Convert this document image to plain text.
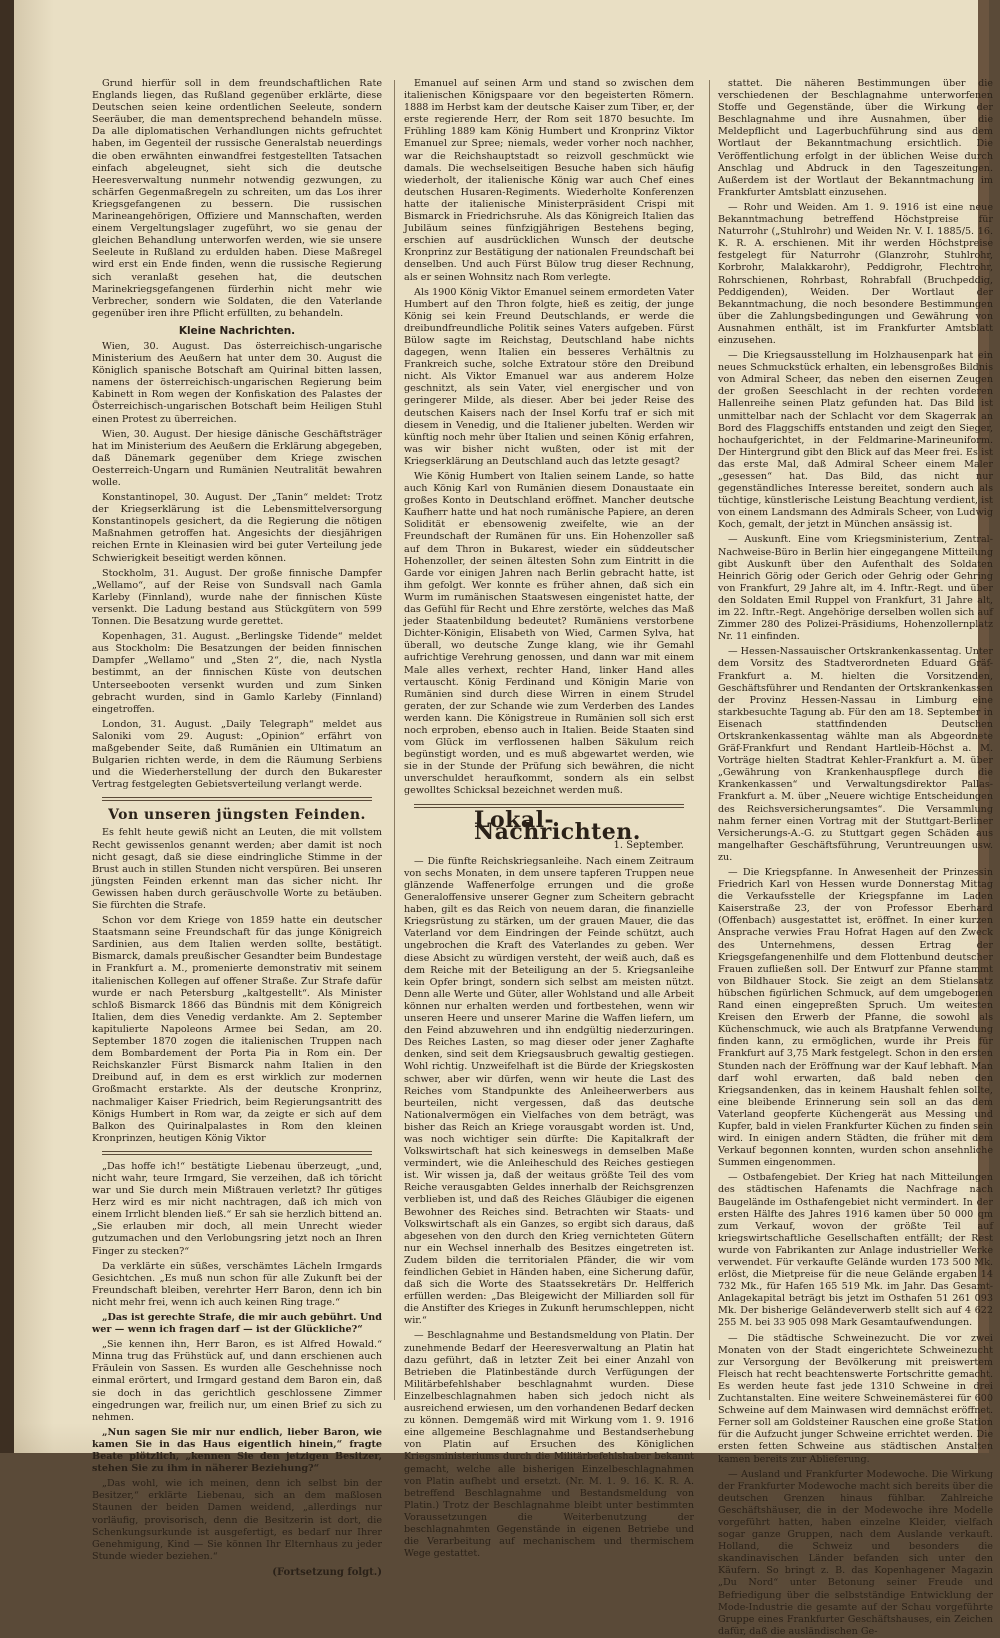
Grund hierfür soll in dem freundschaftlichen Rate Englands liegen, das Rußland gegenüber erklärte, diese Deutschen seien keine ordentlichen Seeleute, sondern Seeräuber, die man dementsprechend behandeln müsse. Da alle diplomatischen Verhandlungen nichts gefruchtet haben, im Gegenteil der russische Generalstab neuerdings die oben erwähnten einwandfrei festgestellten Tatsachen einfach abgeleugnet, sieht sich die deutsche Heeresverwaltung nunmehr notwendig gezwungen, zu schärfen Gegenmaßregeln zu schreiten, um das Los ihrer Kriegsgefangenen zu bessern. Die russischen Marineangehörigen, Offiziere und Mannschaften, werden einem Vergeltungslager zugeführt, wo sie genau der gleichen Behandlung unterworfen werden, wie sie unsere Seeleute in Rußland zu erdulden haben. Diese Maßregel wird erst ein Ende finden, wenn die russische Regierung sich veranlaßt gesehen hat, die deutschen Marinekriegsgefangenen fürderhin nicht mehr wie Verbrecher, sondern wie Soldaten, die den Vaterlande gegenüber iren ihre Pflicht erfüllten, zu behandeln.

Kleine Nachrichten.

Wien, 30. August. Das österreichisch-ungarische Ministerium des Aeußern hat unter dem 30. August die Königlich spanische Botschaft am Quirinal bitten lassen, namens der österreichisch-ungarischen Regierung beim Kabinett in Rom wegen der Konfiskation des Palastes der Österreichisch-ungarischen Botschaft beim Heiligen Stuhl einen Protest zu überreichen.

Wien, 30. August. Der hiesige dänische Geschäftsträger hat im Ministerium des Aeußern die Erklärung abgegeben, daß Dänemark gegenüber dem Kriege zwischen Oesterreich-Ungarn und Rumänien Neutralität bewahren wolle.

Konstantinopel, 30. August. Der „Tanin“ meldet: Trotz der Kriegserklärung ist die Lebensmittelversorgung Konstantinopels gesichert, da die Regierung die nötigen Maßnahmen getroffen hat. Angesichts der diesjährigen reichen Ernte in Kleinasien wird bei guter Verteilung jede Schwierigkeit beseitigt werden können.

Stockholm, 31. August. Der große finnische Dampfer „Wellamo“, auf der Reise von Sundsvall nach Gamla Karleby (Finnland), wurde nahe der finnischen Küste versenkt. Die Ladung bestand aus Stückgütern von 599 Tonnen. Die Besatzung wurde gerettet.

Kopenhagen, 31. August. „Berlingske Tidende“ meldet aus Stockholm: Die Besatzungen der beiden finnischen Dampfer „Wellamo“ und „Sten 2“, die, nach Nystla bestimmt, an der finnischen Küste von deutschen Unterseebooten versenkt wurden und zum Sinken gebracht wurden, sind in Gamlo Karleby (Finnland) eingetroffen.

London, 31. August. „Daily Telegraph“ meldet aus Saloniki vom 29. August: „Opinion“ erfährt von maßgebender Seite, daß Rumänien ein Ultimatum an Bulgarien richten werde, in dem die Räumung Serbiens und die Wiederherstellung der durch den Bukarester Vertrag festgelegten Gebietsverteilung verlangt werde.

Von unseren jüngsten Feinden.

Es fehlt heute gewiß nicht an Leuten, die mit vollstem Recht gewissenlos genannt werden; aber damit ist noch nicht gesagt, daß sie diese eindringliche Stimme in der Brust auch in stillen Stunden nicht verspüren. Bei unseren jüngsten Feinden erkennt man das sicher nicht. Ihr Gewissen haben durch geräuschvolle Worte zu betäuben. Sie fürchten die Strafe.

Schon vor dem Kriege von 1859 hatte ein deutscher Staatsmann seine Freundschaft für das junge Königreich Sardinien, aus dem Italien werden sollte, bestätigt. Bismarck, damals preußischer Gesandter beim Bundestage in Frankfurt a. M., promenierte demonstrativ mit seinem italienischen Kollegen auf offener Straße. Zur Strafe dafür wurde er nach Petersburg „kaltgestellt“. Als Minister schloß Bismarck 1866 das Bündnis mit dem Königreich Italien, dem dies Venedig verdankte. Am 2. September kapitulierte Napoleons Armee bei Sedan, am 20. September 1870 zogen die italienischen Truppen nach dem Bombardement der Porta Pia in Rom ein. Der Reichskanzler Fürst Bismarck nahm Italien in den Dreibund auf, in dem es erst wirklich zur modernen Großmacht erstarkte. Als der deutsche Kronprinz, nachmaliger Kaiser Friedrich, beim Regierungsantritt des Königs Humbert in Rom war, da zeigte er sich auf dem Balkon des Quirinalpalastes in Rom den kleinen Kronprinzen, heutigen König Viktor

„Das hoffe ich!“ bestätigte Liebenau überzeugt, „und, nicht wahr, teure Irmgard, Sie verzeihen, daß ich töricht war und Sie durch mein Mißtrauen verletzt? Ihr gütiges Herz wird es mir nicht nachtragen, daß ich mich von einem Irrlicht blenden ließ.“ Er sah sie herzlich bittend an. „Sie erlauben mir doch, all mein Unrecht wieder gutzumachen und den Verlobungsring jetzt noch an Ihren Finger zu stecken?“

Da verklärte ein süßes, verschämtes Lächeln Irmgards Gesichtchen. „Es muß nun schon für alle Zukunft bei der Freundschaft bleiben, verehrter Herr Baron, denn ich bin nicht mehr frei, wenn ich auch keinen Ring trage.“

„Das ist gerechte Strafe, die mir auch gebührt. Und wer — wenn ich fragen darf — ist der Glückliche?“

„Sie kennen ihn, Herr Baron, es ist Alfred Howald.“ Minna trug das Frühstück auf, und dann erschienen auch Fräulein von Sassen. Es wurden alle Geschehnisse noch einmal erörtert, und Irmgard gestand dem Baron ein, daß sie doch in das gerichtlich geschlossene Zimmer eingedrungen war, freilich nur, um einen Brief zu sich zu nehmen.

„Nun sagen Sie mir nur endlich, lieber Baron, wie kamen Sie in das Haus eigentlich hinein,“ fragte Beate plötzlich, „kennen Sie den jetzigen Besitzer, stehen Sie zu ihm in näherer Beziehung?“

„Das wohl, wie ich meinen, denn ich selbst bin der Besitzer,“ erklärte Liebenau, sich an dem maßlosen Staunen der beiden Damen weidend, „allerdings nur vorläufig, provisorisch, denn die Besitzerin ist dort, die Schenkungsurkunde ist ausgefertigt, es bedarf nur Ihrer Genehmigung, Kind — Sie können Ihr Elternhaus zu jeder Stunde wieder beziehen.“

(Fortsetzung folgt.)

Emanuel auf seinen Arm und stand so zwischen dem italienischen Königspaare vor den begeisterten Römern. 1888 im Herbst kam der deutsche Kaiser zum Tiber, er, der erste regierende Herr, der Rom seit 1870 besuchte. Im Frühling 1889 kam König Humbert und Kronprinz Viktor Emanuel zur Spree; niemals, weder vorher noch nachher, war die Reichshauptstadt so reizvoll geschmückt wie damals. Die wechselseitigen Besuche haben sich häufig wiederholt, der italienische König war auch Chef eines deutschen Husaren-Regiments. Wiederholte Konferenzen hatte der italienische Ministerpräsident Crispi mit Bismarck in Friedrichsruhe. Als das Königreich Italien das Jubiläum seines fünfzigjährigen Bestehens beging, erschien auf ausdrücklichen Wunsch der deutsche Kronprinz zur Bestätigung der nationalen Freundschaft bei denselben. Und auch Fürst Bülow trug dieser Rechnung, als er seinen Wohnsitz nach Rom verlegte.

Als 1900 König Viktor Emanuel seinem ermordeten Vater Humbert auf den Thron folgte, hieß es zeitig, der junge König sei kein Freund Deutschlands, er werde die dreibundfreundliche Politik seines Vaters aufgeben. Fürst Bülow sagte im Reichstag, Deutschland habe nichts dagegen, wenn Italien ein besseres Verhältnis zu Frankreich suche, solche Extratour störe den Dreibund nicht. Als Viktor Emanuel war aus anderem Holze geschnitzt, als sein Vater, viel energischer und von geringerer Milde, als dieser. Aber bei jeder Reise des deutschen Kaisers nach der Insel Korfu traf er sich mit diesem in Venedig, und die Italiener jubelten. Werden wir künftig noch mehr über Italien und seinen König erfahren, was wir bisher nicht wußten, oder ist mit der Kriegserklärung an Deutschland auch das letzte gesagt?

Wie König Humbert von Italien seinem Lande, so hatte auch König Karl von Rumänien diesem Donaustaate ein großes Konto in Deutschland eröffnet. Mancher deutsche Kaufherr hatte und hat noch rumänische Papiere, an deren Solidität er ebensowenig zweifelte, wie an der Freundschaft der Rumänen für uns. Ein Hohenzoller saß auf dem Thron in Bukarest, wieder ein süddeutscher Hohenzoller, der seinen ältesten Sohn zum Eintritt in die Garde vor einigen Jahren nach Berlin gebracht hatte, ist ihm gefolgt. Wer konnte es früher ahnen, daß sich ein Wurm im rumänischen Staatswesen eingenistet hatte, der das Gefühl für Recht und Ehre zerstörte, welches das Maß jeder Staatenbildung bedeutet? Rumäniens verstorbene Dichter-Königin, Elisabeth von Wied, Carmen Sylva, hat überall, wo deutsche Zunge klang, wie ihr Gemahl aufrichtige Verehrung genossen, und dann war mit einem Male alles verhext, rechter Hand, linker Hand alles vertauscht. König Ferdinand und Königin Marie von Rumänien sind durch diese Wirren in einem Strudel geraten, der zur Schande wie zum Verderben des Landes werden kann. Die Königstreue in Rumänien soll sich erst noch erproben, ebenso auch in Italien. Beide Staaten sind vom Glück im verflossenen halben Säkulum reich begünstigt worden, und es muß abgewartet werden, wie sie in der Stunde der Prüfung sich bewähren, die nicht unverschuldet heraufkommt, sondern als ein selbst gewolltes Schicksal bezeichnet werden muß.

Lokal-Nachrichten.
1. September.

— Die fünfte Reichskriegsanleihe. Nach einem Zeitraum von sechs Monaten, in dem unsere tapferen Truppen neue glänzende Waffenerfolge errungen und die große Generaloffensive unserer Gegner zum Scheitern gebracht haben, gilt es das Reich von neuem daran, die finanzielle Kriegsrüstung zu stärken, um der grauen Mauer, die das Vaterland vor dem Eindringen der Feinde schützt, auch ungebrochen die Kraft des Vaterlandes zu geben. Wer diese Absicht zu würdigen versteht, der weiß auch, daß es dem Reiche mit der Beteiligung an der 5. Kriegsanleihe kein Opfer bringt, sondern sich selbst am meisten nützt. Denn alle Werte und Güter, aller Wohlstand und alle Arbeit können nur erhalten werden und fortbestehen, wenn wir unseren Heere und unserer Marine die Waffen liefern, um den Feind abzuwehren und ihn endgültig niederzuringen. Des Reiches Lasten, so mag dieser oder jener Zaghafte denken, sind seit dem Kriegsausbruch gewaltig gestiegen. Wohl richtig. Unzweifelhaft ist die Bürde der Kriegskosten schwer, aber wir dürfen, wenn wir heute die Last des Reiches vom Standpunkte des Anleiheerwerbers aus beurteilen, nicht vergessen, daß das deutsche Nationalvermögen ein Vielfaches von dem beträgt, was bisher das Reich an Kriege vorausgabt worden ist. Und, was noch wichtiger sein dürfte: Die Kapitalkraft der Volkswirtschaft hat sich keineswegs in demselben Maße vermindert, wie die Anleiheschuld des Reiches gestiegen ist. Wir wissen ja, daß der weitaus größte Teil des vom Reiche verausgabten Geldes innerhalb der Reichsgrenzen verblieben ist, und daß des Reiches Gläubiger die eigenen Bewohner des Reiches sind. Betrachten wir Staats- und Volkswirtschaft als ein Ganzes, so ergibt sich daraus, daß abgesehen von den durch den Krieg vernichteten Gütern nur ein Wechsel innerhalb des Besitzes eingetreten ist. Zudem bilden die territorialen Pfänder, die wir vom feindlichen Gebiet in Händen haben, eine Sicherung dafür, daß sich die Worte des Staatssekretärs Dr. Helfferich erfüllen werden: „Das Bleigewicht der Milliarden soll für die Anstifter des Krieges in Zukunft herumschleppen, nicht wir.“

— Beschlagnahme und Bestandsmeldung von Platin. Der zunehmende Bedarf der Heeresverwaltung an Platin hat dazu geführt, daß in letzter Zeit bei einer Anzahl von Betrieben die Platinbestände durch Verfügungen der Militärbefehlshaber beschlagnahmt wurden. Diese Einzelbeschlagnahmen haben sich jedoch nicht als ausreichend erwiesen, um den vorhandenen Bedarf decken zu können. Demgemäß wird mit Wirkung vom 1. 9. 1916 eine allgemeine Beschlagnahme und Bestandserhebung von Platin auf Ersuchen des Königlichen Kriegsministeriums durch die Militärbefehlshaber bekannt gemacht, welche alle bisherigen Einzelbeschlagnahmen von Platin aufhebt und ersetzt. (Nr. M. 1. 9. 16. K. R. A. betreffend Beschlagnahme und Bestandsmeldung von Platin.) Trotz der Beschlagnahme bleibt unter bestimmten Voraussetzungen die Weiterbenutzung der beschlagnahmten Gegenstände in eigenen Betriebe und die Verarbeitung auf mechanischem und thermischem Wege gestattet.

stattet. Die näheren Bestimmungen über die verschiedenen der Beschlagnahme unterworfenen Stoffe und Gegenstände, über die Wirkung der Beschlagnahme und ihre Ausnahmen, über die Meldepflicht und Lagerbuchführung sind aus dem Wortlaut der Bekanntmachung ersichtlich. Die Veröffentlichung erfolgt in der üblichen Weise durch Anschlag und Abdruck in den Tageszeitungen. Außerdem ist der Wortlaut der Bekanntmachung im Frankfurter Amtsblatt einzusehen.

— Rohr und Weiden. Am 1. 9. 1916 ist eine neue Bekanntmachung betreffend Höchstpreise für Naturrohr („Stuhlrohr) und Weiden Nr. V. I. 1885/5. 16. K. R. A. erschienen. Mit ihr werden Höchstpreise festgelegt für Naturrohr (Glanzrohr, Stuhlrohr, Korbrohr, Malakkarohr), Peddigrohr, Flechtrohr, Rohrschienen, Rohrbast, Rohrabfall (Bruchpeddig, Peddigenden), Weiden. Der Wortlaut der Bekanntmachung, die noch besondere Bestimmungen über die Zahlungsbedingungen und Gewährung von Ausnahmen enthält, ist im Frankfurter Amtsblatt einzusehen.

— Die Kriegsausstellung im Holzhausenpark hat ein neues Schmuckstück erhalten, ein lebensgroßes Bildnis von Admiral Scheer, das neben den eisernen Zeugen der großen Seeschlacht in der rechten vorderen Hallenreihe seinen Platz gefunden hat. Das Bild ist unmittelbar nach der Schlacht vor dem Skagerrak an Bord des Flaggschiffs entstanden und zeigt den Sieger, hochaufgerichtet, in der Feldmarine-Marineuniform. Der Hintergrund gibt den Blick auf das Meer frei. Es ist das erste Mal, daß Admiral Scheer einem Maler „gesessen“ hat. Das Bild, das nicht nur gegenständliches Interesse bereitet, sondern auch als tüchtige, künstlerische Leistung Beachtung verdient, ist von einem Landsmann des Admirals Scheer, von Ludwig Koch, gemalt, der jetzt in München ansässig ist.

— Auskunft. Eine vom Kriegsministerium, Zentral-Nachweise-Büro in Berlin hier eingegangene Mitteilung gibt Auskunft über den Aufenthalt des Soldaten Heinrich Görig oder Gerich oder Gehrig oder Gehring von Frankfurt, 29 Jahre alt, im 4. Inftr.-Regt. und über den Soldaten Emil Ruppel von Frankfurt, 31 Jahre alt, im 22. Inftr.-Regt. Angehörige derselben wollen sich auf Zimmer 280 des Polizei-Präsidiums, Hohenzollernplatz Nr. 11 einfinden.

— Hessen-Nassauischer Ortskrankenkassentag. Unter dem Vorsitz des Stadtverordneten Eduard Gräf-Frankfurt a. M. hielten die Vorsitzenden, Geschäftsführer und Rendanten der Ortskrankenkassen der Provinz Hessen-Nassau in Limburg eine starkbesuchte Tagung ab. Für den am 18. September in Eisenach stattfindenden Deutschen Ortskrankenkassentag wählte man als Abgeordnete Gräf-Frankfurt und Rendant Hartleib-Höchst a. M. Vorträge hielten Stadtrat Kehler-Frankfurt a. M. über „Gewährung von Krankenhauspflege durch die Krankenkassen“ und Verwaltungsdirektor Pallas-Frankfurt a. M. über „Neuere wichtige Entscheidungen des Reichsversicherungsamtes“. Die Versammlung nahm ferner einen Vortrag mit der Stuttgart-Berliner Versicherungs-A.-G. zu Stuttgart gegen Schäden aus mangelhafter Geschäftsführung, Veruntreuungen usw. zu.

— Die Kriegspfanne. In Anwesenheit der Prinzessin Friedrich Karl von Hessen wurde Donnerstag Mittag die Verkaufsstelle der Kriegspfanne im Laden Kaiserstraße 23, der von Professor Eberhard (Offenbach) ausgestattet ist, eröffnet. In einer kurzen Ansprache verwies Frau Hofrat Hagen auf den Zweck des Unternehmens, dessen Ertrag der Kriegsgefangenenhilfe und dem Flottenbund deutscher Frauen zufließen soll. Der Entwurf zur Pfanne stammt von Bildhauer Stock. Sie zeigt an dem Stielansatz hübschen figürlichen Schmuck, auf dem umgebogenen Rand einen eingepreßten Spruch. Um weitesten Kreisen den Erwerb der Pfanne, die sowohl als Küchenschmuck, wie auch als Bratpfanne Verwendung finden kann, zu ermöglichen, wurde ihr Preis für Frankfurt auf 3,75 Mark festgelegt. Schon in den ersten Stunden nach der Eröffnung war der Kauf lebhaft. Man darf wohl erwarten, daß bald neben den Kriegsandenken, das in keinem Haushalt fehlen sollte, eine bleibende Erinnerung sein soll an das dem Vaterland geopferte Küchengerät aus Messing und Kupfer, bald in vielen Frankfurter Küchen zu finden sein wird. In einigen andern Städten, die früher mit dem Verkauf begonnen konnten, wurden schon ansehnliche Summen eingenommen.

— Ostbafengebiet. Der Krieg hat nach Mitteilungen des städtischen Hafenamts die Nachfrage nach Baugelände im Osthafengebiet nicht vermindert. In der ersten Hälfte des Jahres 1916 kamen über 50 000 qm zum Verkauf, wovon der größte Teil auf kriegswirtschaftliche Gesellschaften entfällt; der Rest wurde von Fabrikanten zur Anlage industrieller Werke verwendet. Für verkaufte Gelände wurden 173 500 Mk. erlöst, die Mietpreise für die neue Gelände ergaben 14 732 Mk., für Hafen 165 519 Mk. im Jahr. Das Gesamt-Anlagekapital beträgt bis jetzt im Osthafen 51 261 093 Mk. Der bisherige Geländeverwerb stellt sich auf 4 622 255 M. bei 33 905 098 Mark Gesamtaufwendungen.

— Die städtische Schweinezucht. Die vor zwei Monaten von der Stadt eingerichtete Schweinezucht zur Versorgung der Bevölkerung mit preiswertem Fleisch hat recht beachtenswerte Fortschritte gemacht. Es werden heute fast jede 1310 Schweine in drei Zuchtanstalten. Eine weitere Schweinemästerei für 600 Schweine auf dem Mainwasen wird demnächst eröffnet. Ferner soll am Goldsteiner Rauschen eine große Station für die Aufzucht junger Schweine errichtet werden. Die ersten fetten Schweine aus städtischen Anstalten kamen bereits zur Ablieferung.

— Ausland und Frankfurter Modewoche. Die Wirkung der Frankfurter Modewoche macht sich bereits über die deutschen Grenzen hinaus fühlbar. Zahlreiche Geschäftshäuser, die in der Modewoche ihre Modelle vorgeführt hatten, haben einzelne Kleider, vielfach sogar ganze Gruppen, nach dem Auslande verkauft. Holland, die Schweiz und besonders die skandinavischen Länder befanden sich unter den Käufern. So bringt z. B. das Kopenhagener Magazin „Du Nord“ unter Betonung seiner Freude und Befriedigung über die selbstständige Entwicklung der Mode-Industrie die gesamte auf der Schau vorgeführte Gruppe eines Frankfurter Geschäftshauses, ein Zeichen dafür, daß die ausländischen Ge-
